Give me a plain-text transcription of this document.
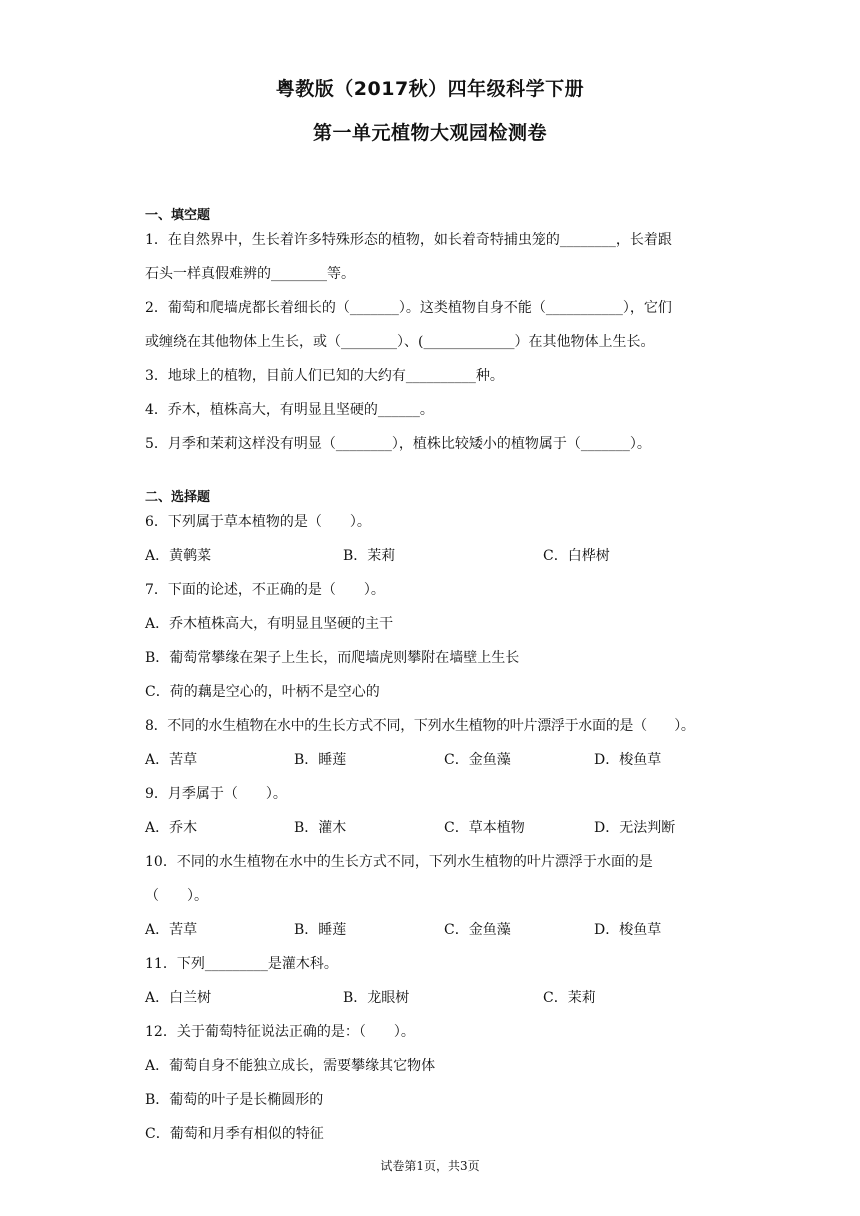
粤教版（2017秋）四年级科学下册
第一单元植物大观园检测卷
一、填空题
1．在自然界中，生长着许多特殊形态的植物，如长着奇特捕虫笼的________，长着跟
石头一样真假难辨的________等。
2．葡萄和爬墙虎都长着细长的（_______）。这类植物自身不能（___________），它们
或缠绕在其他物体上生长，或（________）、(_____________）在其他物体上生长。
3．地球上的植物，目前人们已知的大约有__________种。
4．乔木，植株高大，有明显且坚硬的______。
5．月季和茉莉这样没有明显（________），植株比较矮小的植物属于（_______）。
二、选择题
6．下列属于草本植物的是（　　）。
A．黄鹌菜	B．茉莉	C．白桦树
7．下面的论述，不正确的是（　　）。
A．乔木植株高大，有明显且坚硬的主干
B．葡萄常攀缘在架子上生长，而爬墙虎则攀附在墙壁上生长
C．荷的藕是空心的，叶柄不是空心的
8．不同的水生植物在水中的生长方式不同，下列水生植物的叶片漂浮于水面的是（　　）。
A．苦草	B．睡莲	C．金鱼藻	D．梭鱼草
9．月季属于（　　）。
A．乔木	B．灌木	C．草本植物	D．无法判断
10．不同的水生植物在水中的生长方式不同，下列水生植物的叶片漂浮于水面的是
（　　）。
A．苦草	B．睡莲	C．金鱼藻	D．梭鱼草
11．下列_________是灌木科。
A．白兰树	B．龙眼树	C．茉莉
12．关于葡萄特征说法正确的是：（　　）。
A．葡萄自身不能独立成长，需要攀缘其它物体
B．葡萄的叶子是长椭圆形的
C．葡萄和月季有相似的特征
试卷第1页，共3页
